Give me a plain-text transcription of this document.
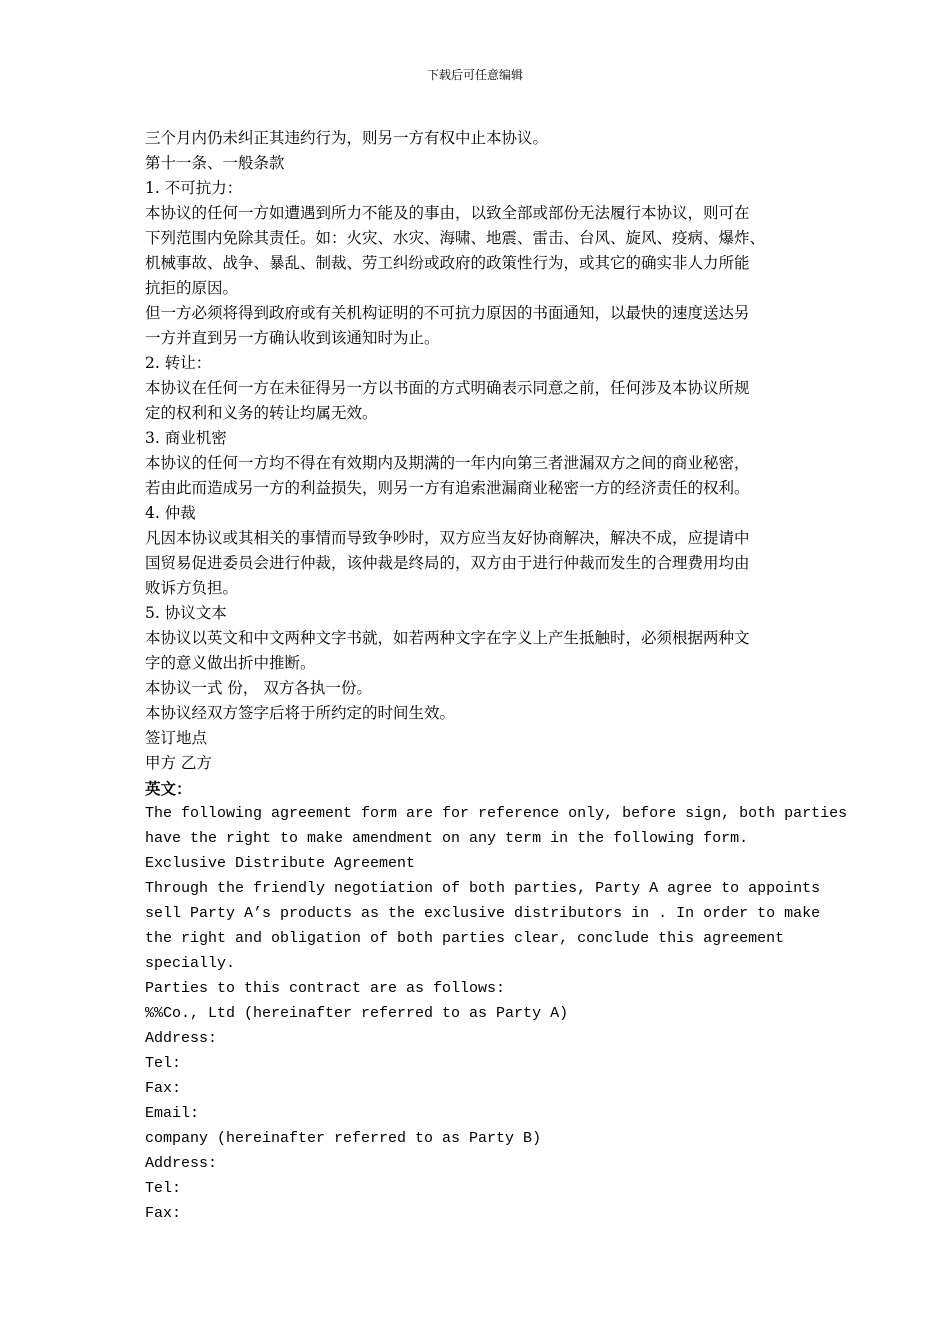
下载后可任意编辑

三个月内仍未纠正其违约行为，则另一方有权中止本协议。

第十一条、一般条款

1. 不可抗力：

本协议的任何一方如遭遇到所力不能及的事由，以致全部或部份无法履行本协议，则可在

下列范围内免除其责任。如：火灾、水灾、海啸、地震、雷击、台风、旋风、疫病、爆炸、

机械事故、战争、暴乱、制裁、劳工纠纷或政府的政策性行为，或其它的确实非人力所能

抗拒的原因。

但一方必须将得到政府或有关机构证明的不可抗力原因的书面通知，以最快的速度送达另

一方并直到另一方确认收到该通知时为止。

2. 转让：

本协议在任何一方在未征得另一方以书面的方式明确表示同意之前，任何涉及本协议所规

定的权利和义务的转让均属无效。

3. 商业机密

本协议的任何一方均不得在有效期内及期满的一年内向第三者泄漏双方之间的商业秘密，

若由此而造成另一方的利益损失，则另一方有追索泄漏商业秘密一方的经济责任的权利。

4. 仲裁

凡因本协议或其相关的事情而导致争吵时，双方应当友好协商解决，解决不成，应提请中

国贸易促进委员会进行仲裁，该仲裁是终局的，双方由于进行仲裁而发生的合理费用均由

败诉方负担。

5. 协议文本

本协议以英文和中文两种文字书就，如若两种文字在字义上产生抵触时，必须根据两种文

字的意义做出折中推断。

本协议一式 份， 双方各执一份。

本协议经双方签字后将于所约定的时间生效。

签订地点

甲方 乙方

英文：

The following agreement form are for reference only, before sign, both parties

have the right to make amendment on any term in the following form.

Exclusive Distribute Agreement

Through the friendly negotiation of both parties, Party A agree to appoints

sell Party A’s products as the exclusive distributors in . In order to make

the right and obligation of both parties clear, conclude this agreement

specially.

Parties to this contract are as follows:

%%Co., Ltd (hereinafter referred to as Party A)

Address:

Tel:

Fax:

Email:

company (hereinafter referred to as Party B)

Address:

Tel:

Fax:
